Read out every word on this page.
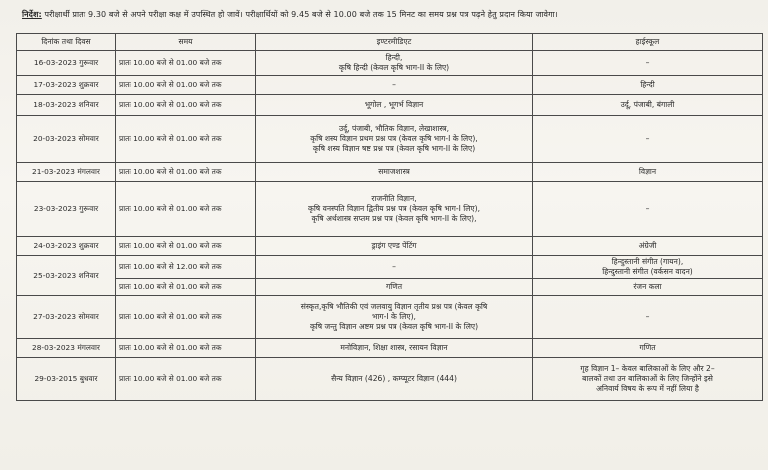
निर्देश: परीक्षार्थी प्रातः 9.30 बजे से अपने परीक्षा कक्ष में उपस्थित हो जावें। परीक्षार्थियों को 9.45 बजे से 10.00 बजे तक 15 मिनट का समय प्रश्न पत्र पढ़ने हेतु प्रदान किया जावेगा।
दिनांक तथा दिवस	समय	इण्टरमीडिएट	हाईस्कूल
16-03-2023 गुरूवार	प्रातः 10.00 बजे से 01.00 बजे तक	हिन्दी,
कृषि हिन्दी (केवल कृषि भाग-II के लिए)	–

17-03-2023 शुक्रवार	प्रातः 10.00 बजे से 01.00 बजे तक	–	हिन्दी

18-03-2023 शनिवार	प्रातः 10.00 बजे से 01.00 बजे तक	भूगोल , भूगर्भ विज्ञान	उर्दू, पंजाबी, बंगाली

20-03-2023 सोमवार	प्रातः 10.00 बजे से 01.00 बजे तक	उर्दू, पंजाबी, भौतिक विज्ञान, लेखाशास्त्र,
कृषि शस्य विज्ञान प्रथम प्रश्न पत्र (केवल कृषि भाग-I के लिए),
कृषि शस्य विज्ञान षष्ट प्रश्न पत्र (केवल कृषि भाग-II के लिए)	–

21-03-2023 मंगलवार	प्रातः 10.00 बजे से 01.00 बजे तक	समाजशास्त्र	विज्ञान

23-03-2023 गुरूवार	प्रातः 10.00 बजे से 01.00 बजे तक	राजनीति विज्ञान,
कृषि वनस्पति विज्ञान द्वितीय प्रश्न पत्र (केवल कृषि भाग-I लिए),
कृषि अर्थशास्त्र सप्तम प्रश्न पत्र (केवल कृषि भाग-II के लिए),	–

24-03-2023 शुक्रवार	प्रातः 10.00 बजे से 01.00 बजे तक	ड्राइंग एण्ड पेंटिंग	अंग्रेजी

25-03-2023 शनिवार	प्रातः 10.00 बजे से 12.00 बजे तक	–	हिन्दुस्तानी संगीत (गायन),
हिन्दुस्तानी संगीत (वर्कसन वादन)

	प्रातः 10.00 बजे से 01.00 बजे तक	गणित	रंजन कला
27-03-2023 सोमवार	प्रातः 10.00 बजे से 01.00 बजे तक	संस्कृत,कृषि भौतिकी एवं जलवायु विज्ञान तृतीय प्रश्न पत्र (केवल कृषि
भाग-I के लिए),
कृषि जन्तु विज्ञान अष्टम प्रश्न पत्र (केवल कृषि भाग-II के लिए)	–

28-03-2023 मंगलवार	प्रातः 10.00 बजे से 01.00 बजे तक	मनोविज्ञान, शिक्षा शास्त्र, रसायन विज्ञान	गणित

29-03-2015 बुधवार	प्रातः 10.00 बजे से 01.00 बजे तक	सैन्य विज्ञान (426) , कम्प्यूटर विज्ञान (444)	गृह विज्ञान 1– केवल बालिकाओं के लिए और 2–
बालकों तथा उन बालिकाओं के लिए जिन्होंने इसे
अनिवार्य विषय के रूप में नहीं लिया है
